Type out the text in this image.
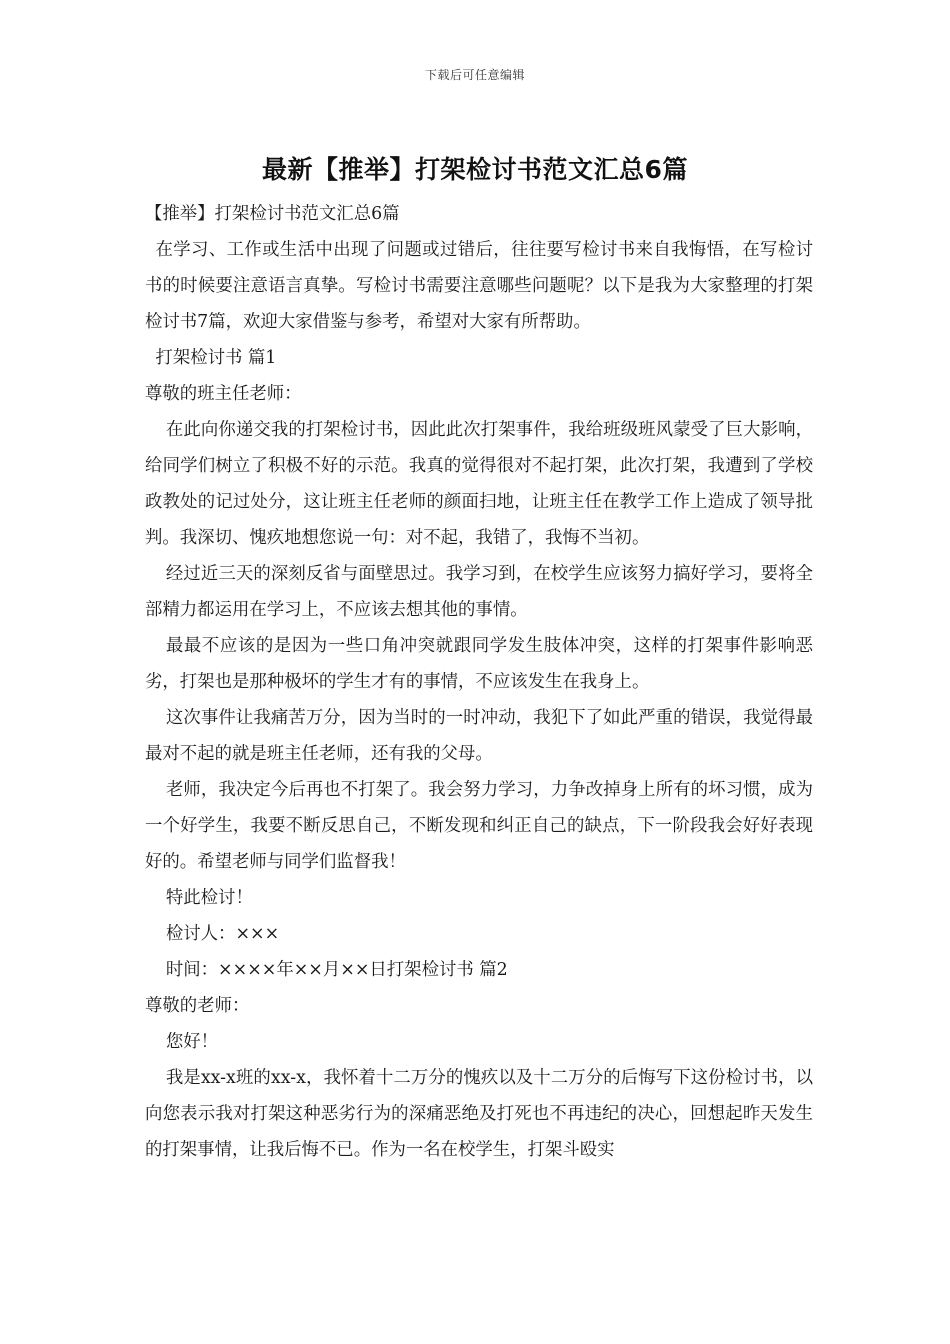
下载后可任意编辑
最新【推举】打架检讨书范文汇总6篇

【推举】打架检讨书范文汇总6篇

在学习、工作或生活中出现了问题或过错后，往往要写检讨书来自我悔悟，在写检讨书的时候要注意语言真挚。写检讨书需要注意哪些问题呢？以下是我为大家整理的打架检讨书7篇，欢迎大家借鉴与参考，希望对大家有所帮助。

打架检讨书 篇1

尊敬的班主任老师：

在此向你递交我的打架检讨书，因此此次打架事件，我给班级班风蒙受了巨大影响，给同学们树立了积极不好的示范。我真的觉得很对不起打架，此次打架，我遭到了学校政教处的记过处分，这让班主任老师的颜面扫地，让班主任在教学工作上造成了领导批判。我深切、愧疚地想您说一句：对不起，我错了，我悔不当初。

经过近三天的深刻反省与面壁思过。我学习到，在校学生应该努力搞好学习，要将全部精力都运用在学习上，不应该去想其他的事情。

最最不应该的是因为一些口角冲突就跟同学发生肢体冲突，这样的打架事件影响恶劣，打架也是那种极坏的学生才有的事情，不应该发生在我身上。

这次事件让我痛苦万分，因为当时的一时冲动，我犯下了如此严重的错误，我觉得最最对不起的就是班主任老师，还有我的父母。

老师，我决定今后再也不打架了。我会努力学习，力争改掉身上所有的坏习惯，成为一个好学生，我要不断反思自己，不断发现和纠正自己的缺点，下一阶段我会好好表现好的。希望老师与同学们监督我！

特此检讨！

检讨人：×××

时间：××××年××月××日打架检讨书 篇2

尊敬的老师：

您好！

我是xx-x班的xx-x，我怀着十二万分的愧疚以及十二万分的后悔写下这份检讨书，以向您表示我对打架这种恶劣行为的深痛恶绝及打死也不再违纪的决心，回想起昨天发生的打架事情，让我后悔不已。作为一名在校学生，打架斗殴实
